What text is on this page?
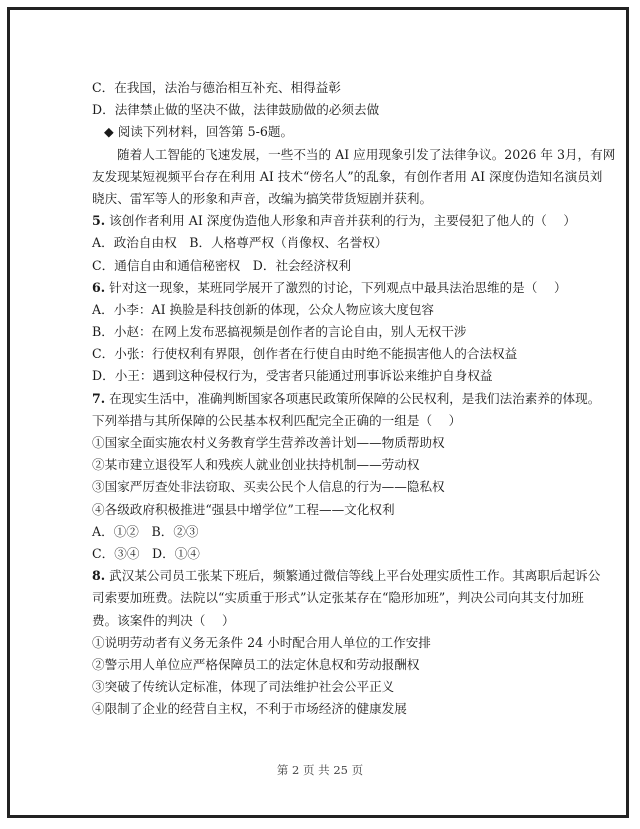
C．在我国，法治与德治相互补充、相得益彰
D．法律禁止做的坚决不做，法律鼓励做的必须去做
◆ 阅读下列材料，回答第 5-6题。
随着人工智能的飞速发展，一些不当的 AI 应用现象引发了法律争议。2026 年 3月，有网
友发现某短视频平台存在利用 AI 技术“傍名人”的乱象，有创作者用 AI 深度伪造知名演员刘
晓庆、雷军等人的形象和声音，改编为搞笑带货短剧并获利。
5. 该创作者利用 AI 深度伪造他人形象和声音并获利的行为，主要侵犯了他人的（　 ）
A．政治自由权　B．人格尊严权（肖像权、名誉权）
C．通信自由和通信秘密权　D．社会经济权利
6. 针对这一现象，某班同学展开了激烈的讨论，下列观点中最具法治思维的是（　 ）
A．小李：AI 换脸是科技创新的体现，公众人物应该大度包容
B．小赵：在网上发布恶搞视频是创作者的言论自由，别人无权干涉
C．小张：行使权利有界限，创作者在行使自由时绝不能损害他人的合法权益
D．小王：遇到这种侵权行为，受害者只能通过刑事诉讼来维护自身权益
7. 在现实生活中，准确判断国家各项惠民政策所保障的公民权利，是我们法治素养的体现。
下列举措与其所保障的公民基本权利匹配完全正确的一组是（　 ）
①国家全面实施农村义务教育学生营养改善计划——物质帮助权
②某市建立退役军人和残疾人就业创业扶持机制——劳动权
③国家严厉查处非法窃取、买卖公民个人信息的行为——隐私权
④各级政府积极推进“强县中增学位”工程——文化权利
A．①②　B．②③
C．③④　D．①④
8. 武汉某公司员工张某下班后，频繁通过微信等线上平台处理实质性工作。其离职后起诉公
司索要加班费。法院以“实质重于形式”认定张某存在“隐形加班”，判决公司向其支付加班
费。该案件的判决（　 ）
①说明劳动者有义务无条件 24 小时配合用人单位的工作安排
②警示用人单位应严格保障员工的法定休息权和劳动报酬权
③突破了传统认定标准，体现了司法维护社会公平正义
④限制了企业的经营自主权，不利于市场经济的健康发展
第 2 页 共 25 页
